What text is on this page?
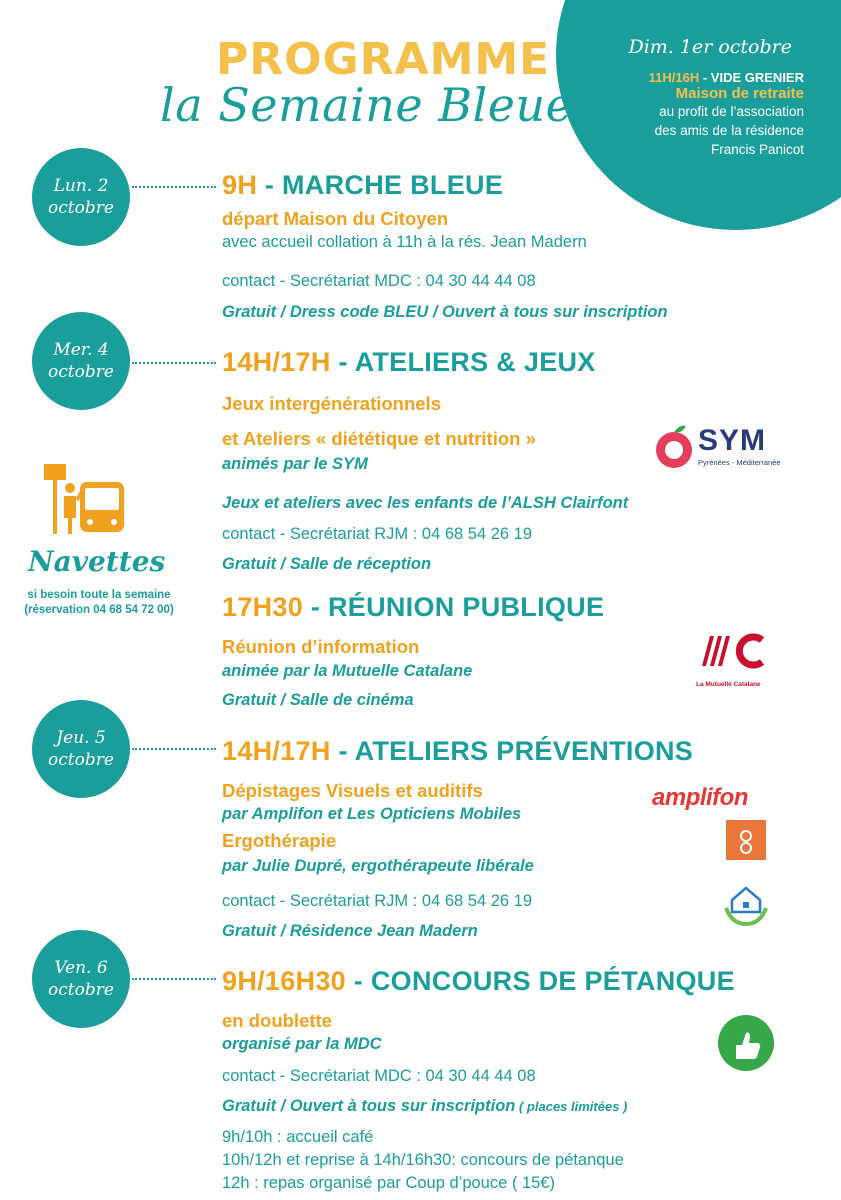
PROGRAMME
la Semaine Bleue
Dim. 1er octobre
11H/16H - VIDE GRENIER
Maison de retraite
au profit de l’association
des amis de la résidence
Francis Panicot
Lun. 2
octobre
Mer. 4
octobre
Jeu. 5
octobre
Ven. 6
octobre
9H - MARCHE BLEUE
départ Maison du Citoyen
avec accueil collation à 11h à la rés. Jean Madern
contact - Secrétariat MDC : 04 30 44 44 08
Gratuit / Dress code BLEU / Ouvert à tous sur inscription
14H/17H - ATELIERS & JEUX
Jeux intergénérationnels
et Ateliers « diététique et nutrition »
animés par le SYM
Jeux et ateliers avec les enfants de l’ALSH Clairfont
contact - Secrétariat RJM : 04 68 54 26 19
Gratuit / Salle de réception
17H30 - RÉUNION PUBLIQUE
Réunion d’information
animée par la Mutuelle Catalane
Gratuit / Salle de cinéma
14H/17H - ATELIERS PRÉVENTIONS
Dépistages Visuels et auditifs
par Amplifon et Les Opticiens Mobiles
Ergothérapie
par Julie Dupré, ergothérapeute libérale
contact - Secrétariat RJM : 04 68 54 26 19
Gratuit / Résidence Jean Madern
9H/16H30 - CONCOURS DE PÉTANQUE
en doublette
organisé par la MDC
contact - Secrétariat MDC : 04 30 44 44 08
Gratuit / Ouvert à tous sur inscription ( places limitées )
9h/10h : accueil café
10h/12h et reprise à 14h/16h30: concours de pétanque
12h : repas organisé par Coup d’pouce ( 15€)
Navettes
si besoin toute la semaine
(réservation 04 68 54 72 00)
SYM
Pyrénées - Méditerranée
La Mutuelle Catalane
amplifon
